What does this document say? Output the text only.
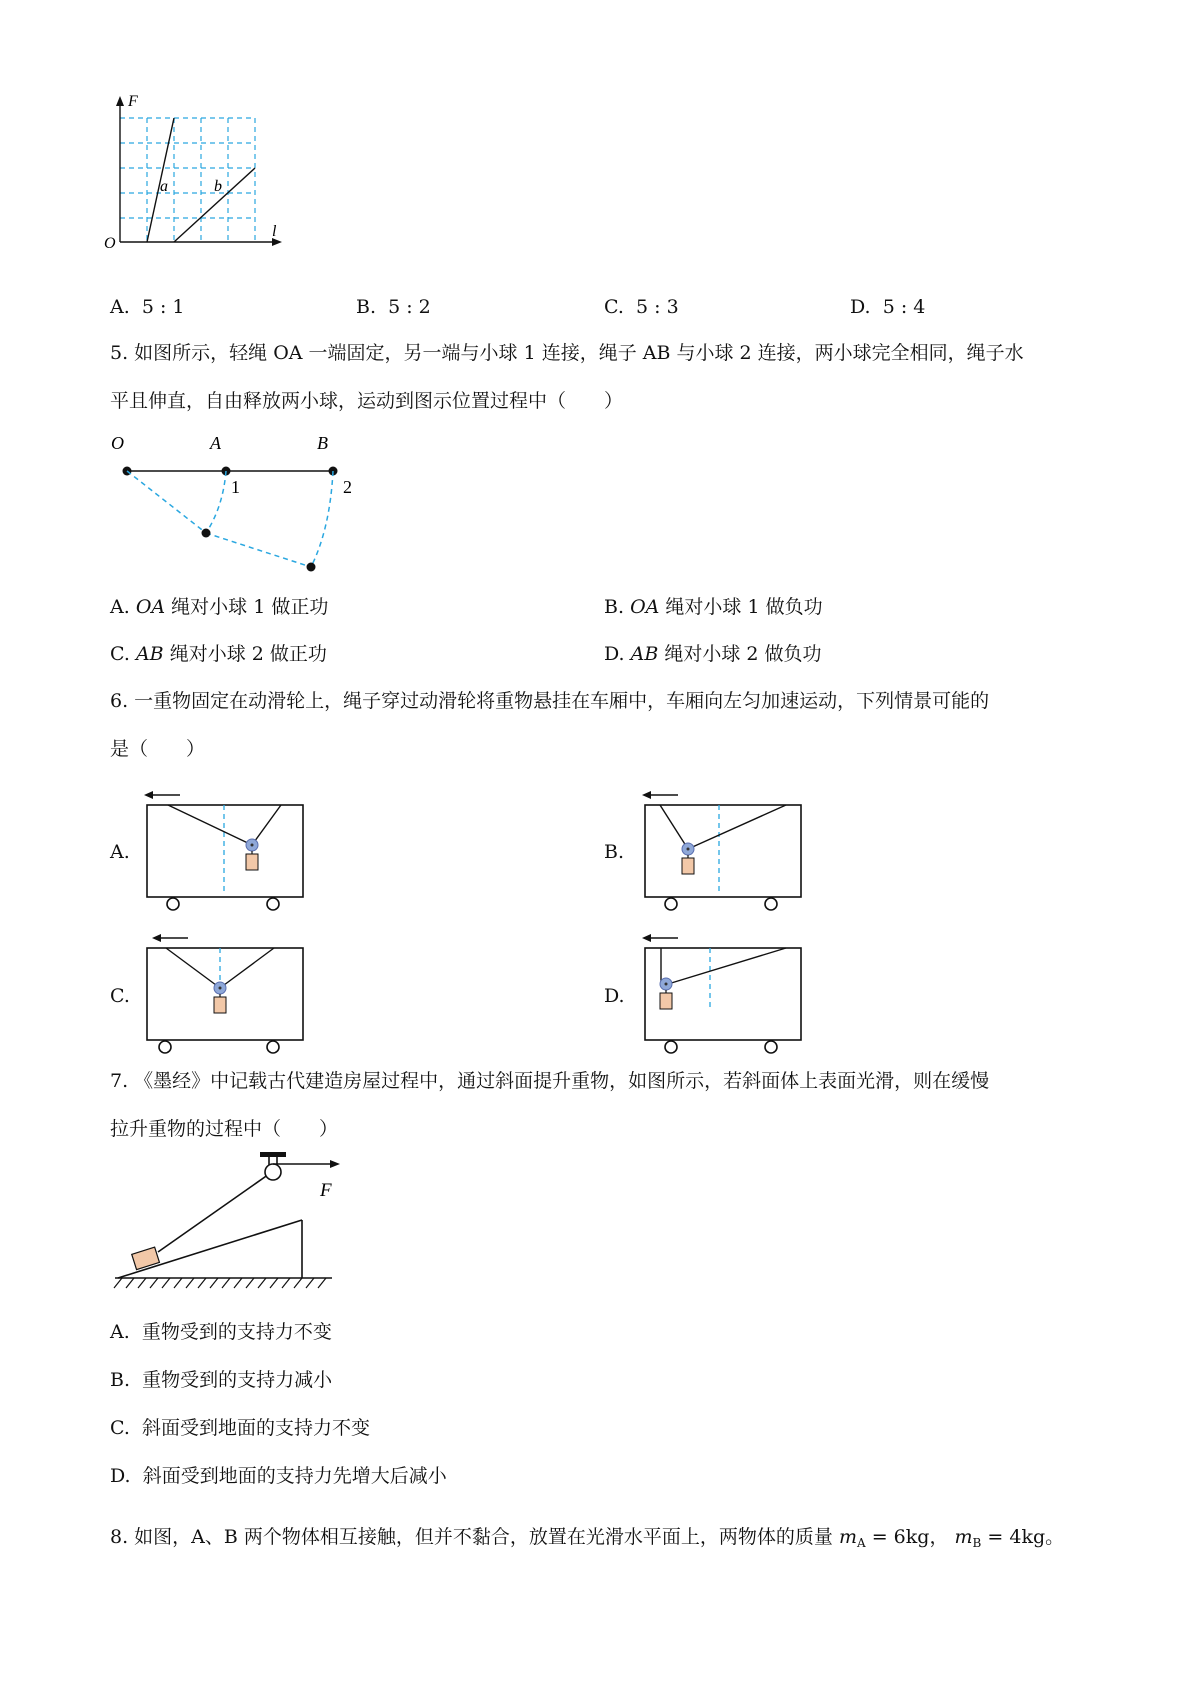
F
l
O
a	b
A. 5 : 1	B. 5 : 2	C. 5 : 3	D. 5 : 4
5. 如图所示，轻绳 OA 一端固定，另一端与小球 1 连接，绳子 AB 与小球 2 连接，两小球完全相同，绳子水
平且伸直，自由释放两小球，运动到图示位置过程中（　　）
O	A	B
1	2
A. OA 绳对小球 1 做正功	B. OA 绳对小球 1 做负功
C. AB 绳对小球 2 做正功	D. AB 绳对小球 2 做负功
6. 一重物固定在动滑轮上，绳子穿过动滑轮将重物悬挂在车厢中，车厢向左匀加速运动，下列情景可能的
是（　　）
A.	B.
C.	D.
7. 《墨经》中记载古代建造房屋过程中，通过斜面提升重物，如图所示，若斜面体上表面光滑，则在缓慢
拉升重物的过程中（　　）
F
A. 重物受到的支持力不变
B. 重物受到的支持力减小
C. 斜面受到地面的支持力不变
D. 斜面受到地面的支持力先增大后减小
8. 如图，A、B 两个物体相互接触，但并不黏合，放置在光滑水平面上，两物体的质量 $m_A = 6kg$， $m_B = 4kg$。
